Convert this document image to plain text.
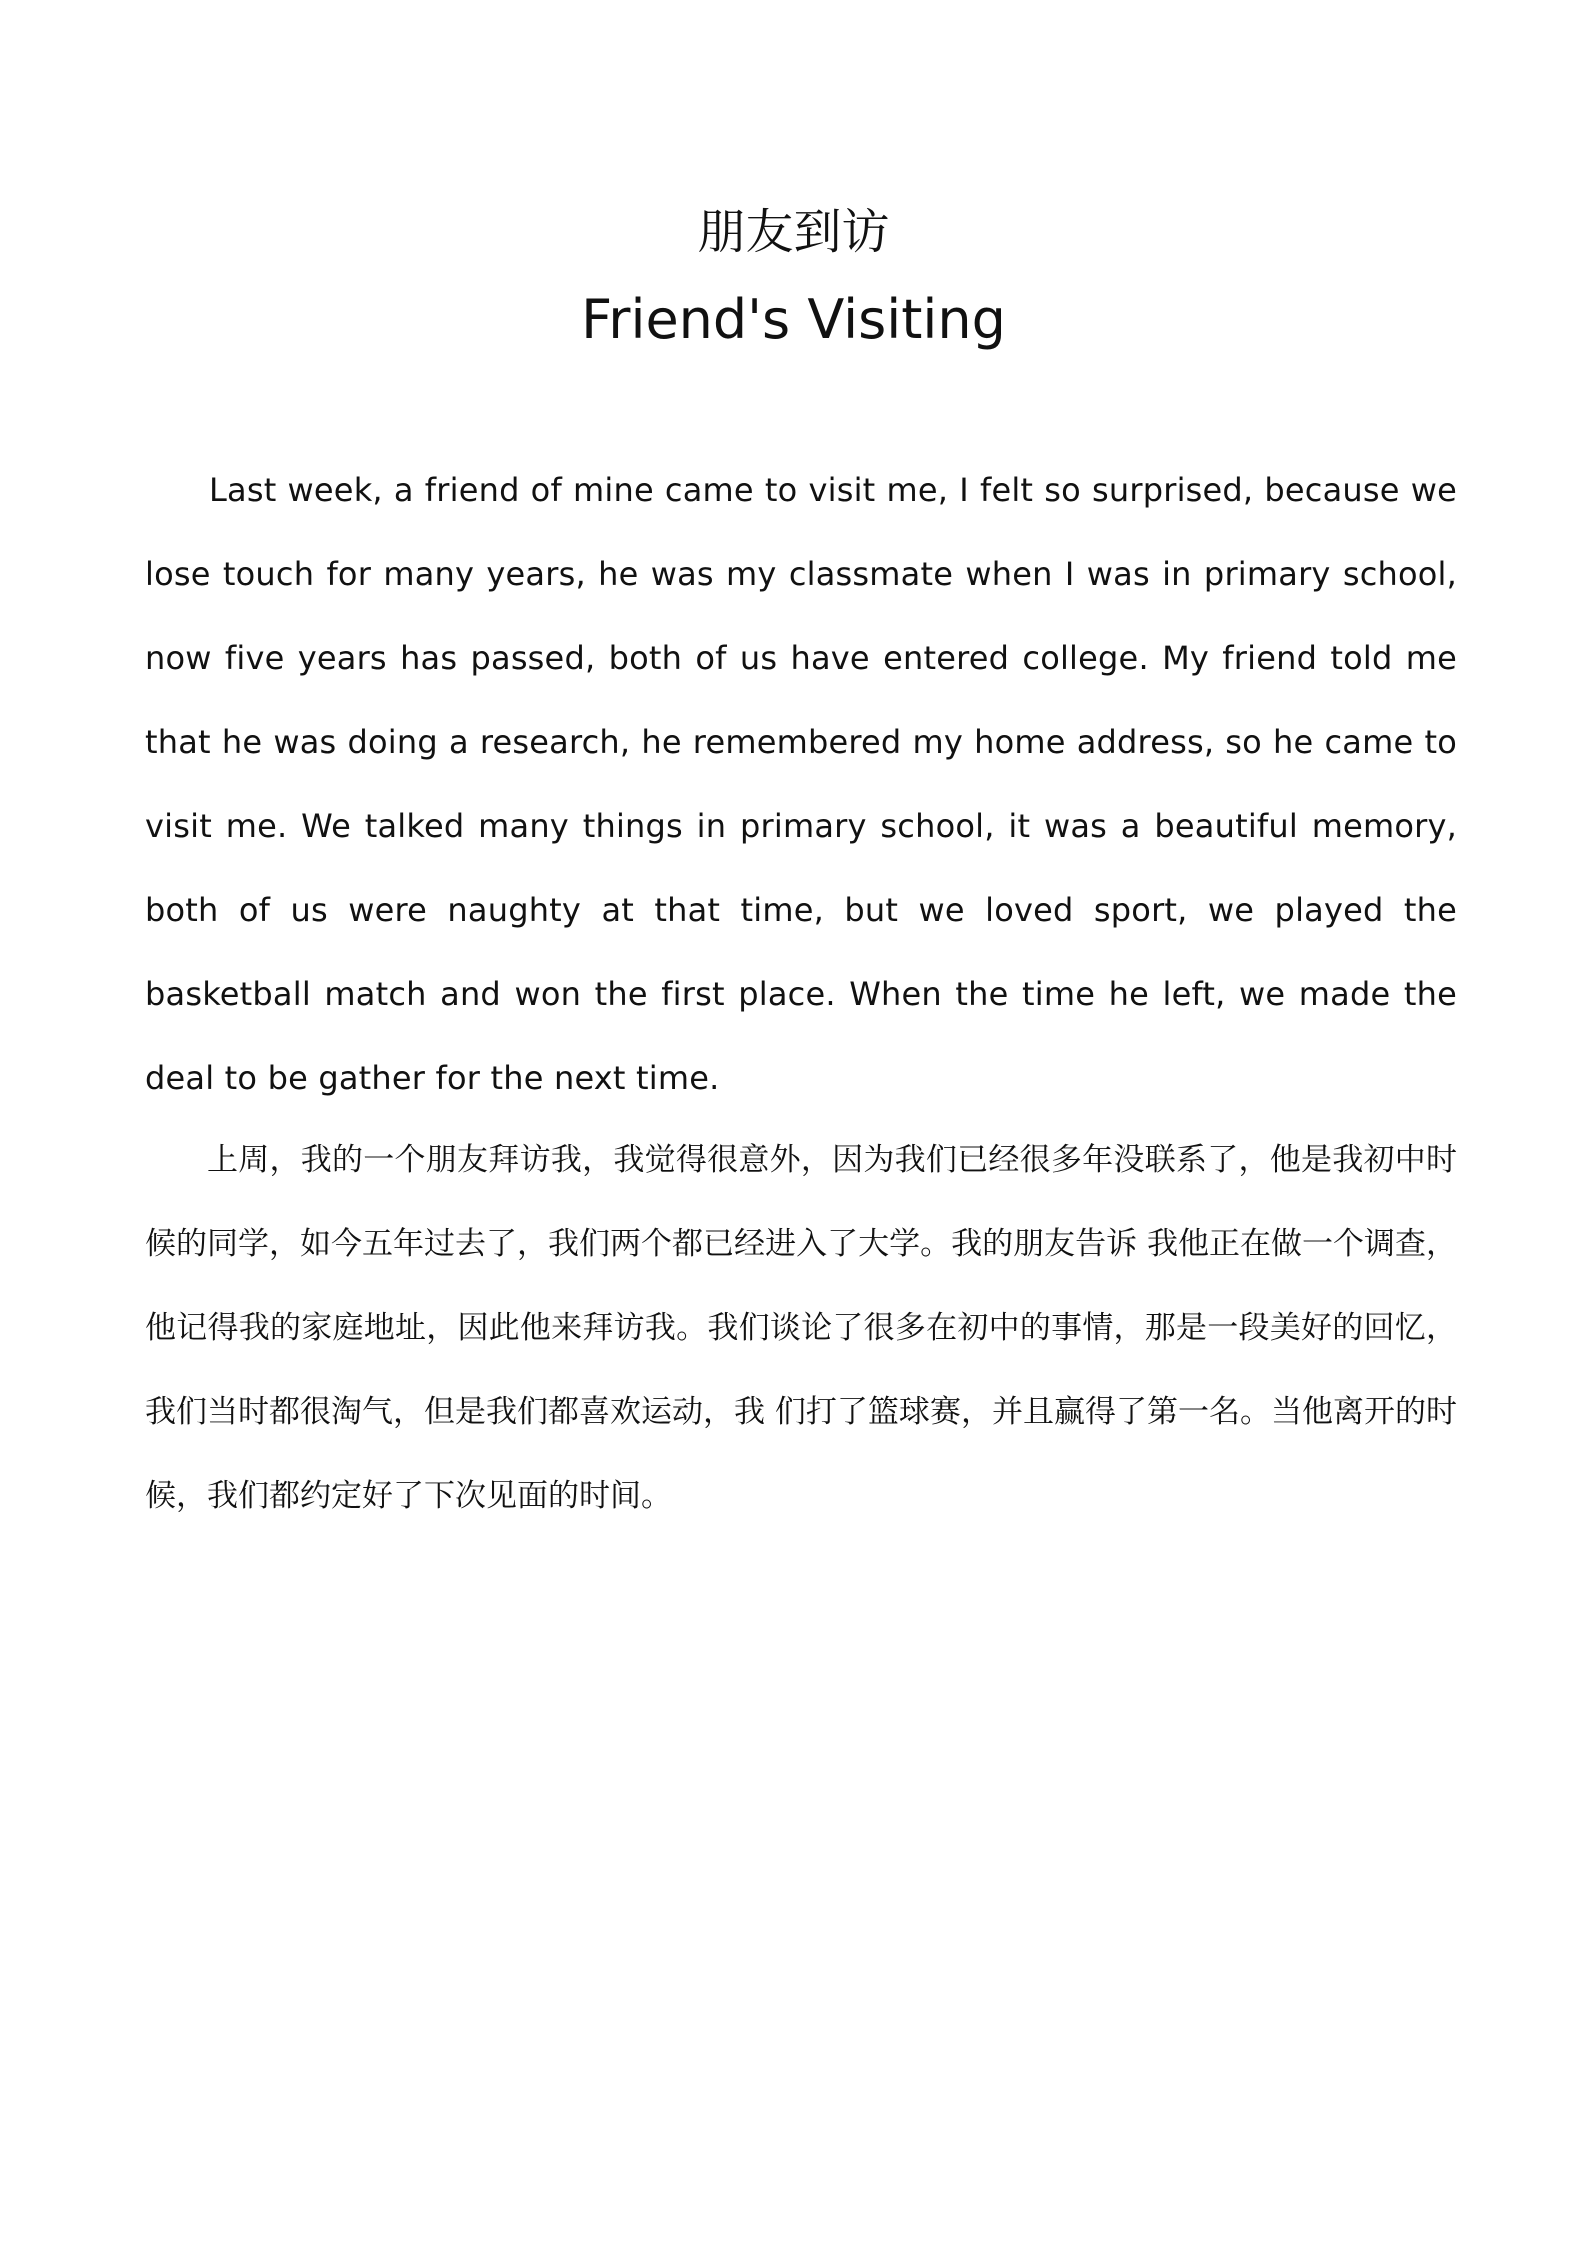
朋友到访
Friend's Visiting

Last week, a friend of mine came to visit me, I felt so surprised, because we lose touch for many years, he was my classmate when I was in primary school, now five years has passed, both of us have entered college. My friend told me that he was doing a research, he remembered my home address, so he came to visit me. We talked many things in primary school, it was a beautiful memory, both of us were naughty at that time, but we loved sport, we played the basketball match and won the first place. When the time he left, we made the deal to be gather for the next time.

上周，我的一个朋友拜访我，我觉得很意外，因为我们已经很多年没联系了，他是我初中时候的同学，如今五年过去了，我们两个都已经进入了大学。我的朋友告诉 我他正在做一个调查，他记得我的家庭地址，因此他来拜访我。我们谈论了很多在初中的事情，那是一段美好的回忆，我们当时都很淘气，但是我们都喜欢运动，我 们打了篮球赛，并且赢得了第一名。当他离开的时候，我们都约定好了下次见面的时间。
